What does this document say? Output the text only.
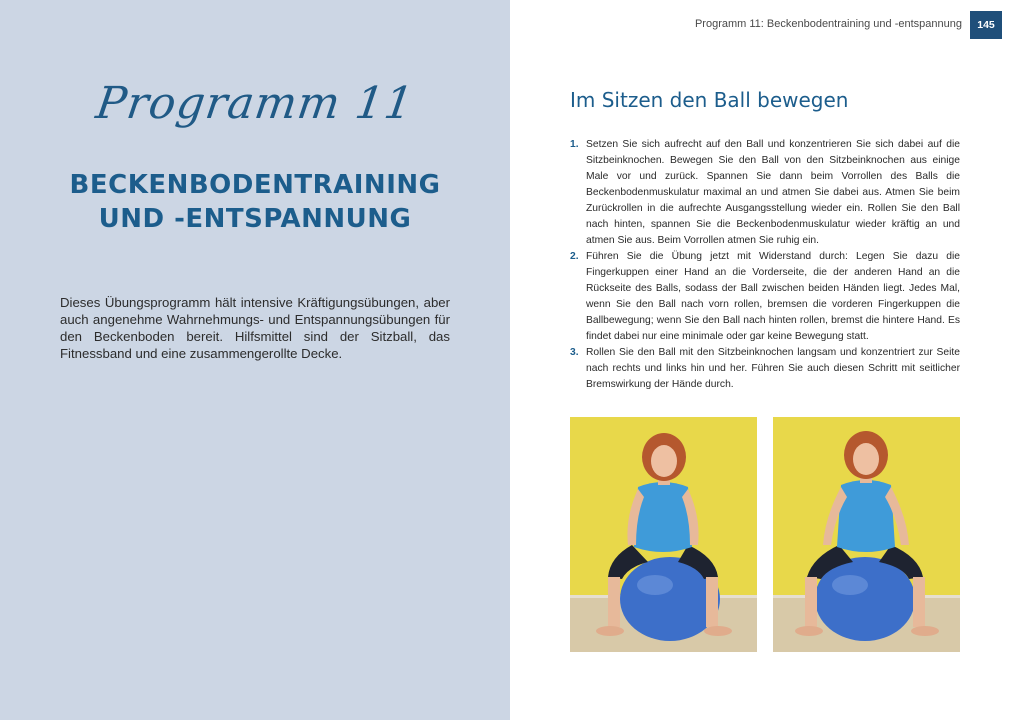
Programm 11
BECKENBODENTRAINING
UND -ENTSPANNUNG
Dieses Übungsprogramm hält intensive Kräftigungsübungen, aber auch angenehme Wahrnehmungs- und Entspannungsübungen für den Beckenboden bereit. Hilfsmittel sind der Sitzball, das Fitnessband und eine zusammengerollte Decke.
Programm 11: Beckenbodentraining und -entspannung	145
Im Sitzen den Ball bewegen
1. Setzen Sie sich aufrecht auf den Ball und konzentrieren Sie sich dabei auf die Sitzbeinknochen. Bewegen Sie den Ball von den Sitzbeinknochen aus einige Male vor und zurück. Spannen Sie dann beim Vorrollen des Balls die Beckenbodenmuskulatur maximal an und atmen Sie dabei aus. Atmen Sie beim Zurückrollen in die aufrechte Ausgangsstellung wieder ein. Rollen Sie den Ball nach hinten, spannen Sie die Beckenbodenmuskulatur wieder kräftig an und atmen Sie aus. Beim Vorrollen atmen Sie ruhig ein.
2. Führen Sie die Übung jetzt mit Widerstand durch: Legen Sie dazu die Fingerkuppen einer Hand an die Vorderseite, die der anderen Hand an die Rückseite des Balls, sodass der Ball zwischen beiden Händen liegt. Jedes Mal, wenn Sie den Ball nach vorn rollen, bremsen die vorderen Fingerkuppen die Ballbewegung; wenn Sie den Ball nach hinten rollen, bremst die hintere Hand. Es findet dabei nur eine minimale oder gar keine Bewegung statt.
3. Rollen Sie den Ball mit den Sitzbeinknochen langsam und konzentriert zur Seite nach rechts und links hin und her. Führen Sie auch diesen Schritt mit seitlicher Bremswirkung der Hände durch.
